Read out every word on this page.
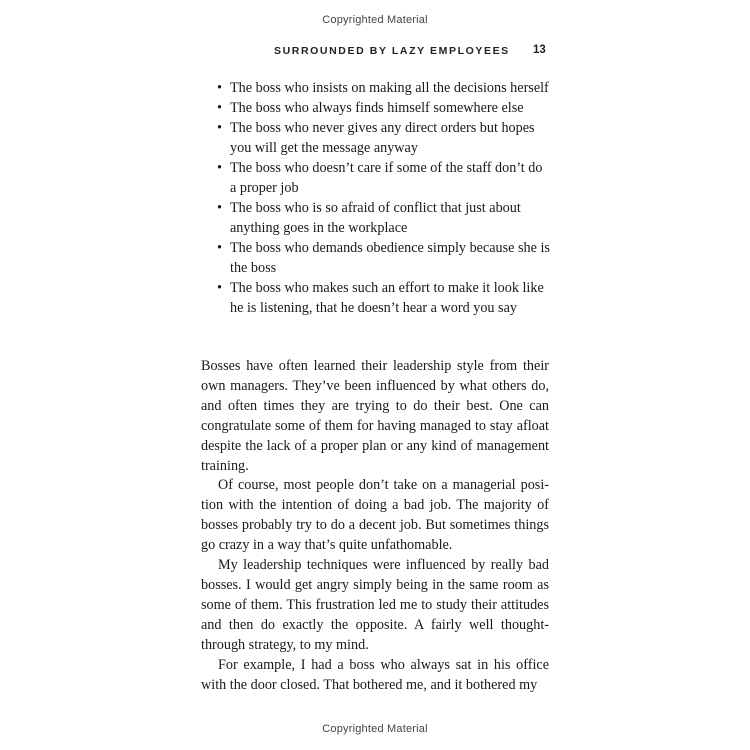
Copyrighted Material
SURROUNDED BY LAZY EMPLOYEES 13
• The boss who insists on making all the decisions herself
• The boss who always finds himself somewhere else
• The boss who never gives any direct orders but hopes you will get the message anyway
• The boss who doesn’t care if some of the staff don’t do a proper job
• The boss who is so afraid of conflict that just about anything goes in the workplace
• The boss who demands obedience simply because she is the boss
• The boss who makes such an effort to make it look like he is listening, that he doesn’t hear a word you say

Bosses have often learned their leadership style from their own managers. They’ve been influenced by what others do, and often times they are trying to do their best. One can congratulate some of them for having managed to stay afloat despite the lack of a proper plan or any kind of management training.

Of course, most people don’t take on a managerial position with the intention of doing a bad job. The majority of bosses probably try to do a decent job. But sometimes things go crazy in a way that’s quite unfathomable.

My leadership techniques were influenced by really bad bosses. I would get angry simply being in the same room as some of them. This frustration led me to study their attitudes and then do exactly the opposite. A fairly well thought-through strategy, to my mind.

For example, I had a boss who always sat in his office with the door closed. That bothered me, and it bothered my

Copyrighted Material
